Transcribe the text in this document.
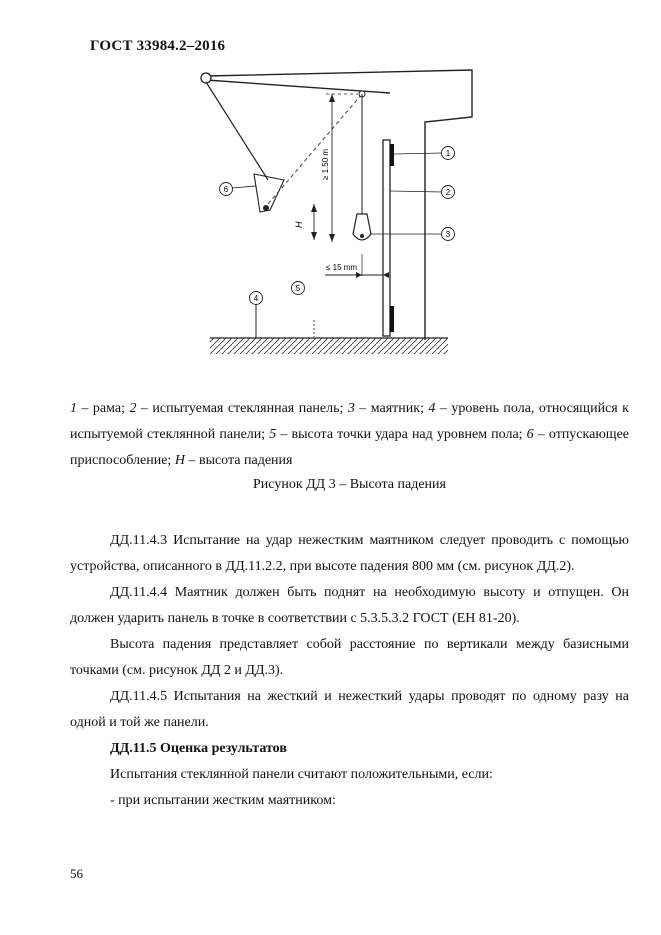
ГОСТ 33984.2–2016
≥ 1.50 m
H
≤ 15 mm
1
2
3
4
5
6
1 – рама; 2 – испытуемая стеклянная панель; 3 – маятник; 4 – уровень пола, относящийся к испытуемой стеклянной панели; 5 – высота точки удара над уровнем пола; 6 – отпускающее приспособление; H – высота падения
Рисунок ДД 3 – Высота падения

ДД.11.4.3 Испытание на удар нежестким маятником следует проводить с помощью устройства, описанного в ДД.11.2.2, при высоте падения 800 мм (см. рисунок ДД.2).

ДД.11.4.4 Маятник должен быть поднят на необходимую высоту и отпущен. Он должен ударить панель в точке в соответствии с 5.3.5.3.2 ГОСТ (ЕН 81-20).

Высота падения представляет собой расстояние по вертикали между базисными точками (см. рисунок ДД 2 и ДД.3).

ДД.11.4.5 Испытания на жесткий и нежесткий удары проводят по одному разу на одной и той же панели.

ДД.11.5 Оценка результатов

Испытания стеклянной панели считают положительными, если:

- при испытании жестким маятником:

56
